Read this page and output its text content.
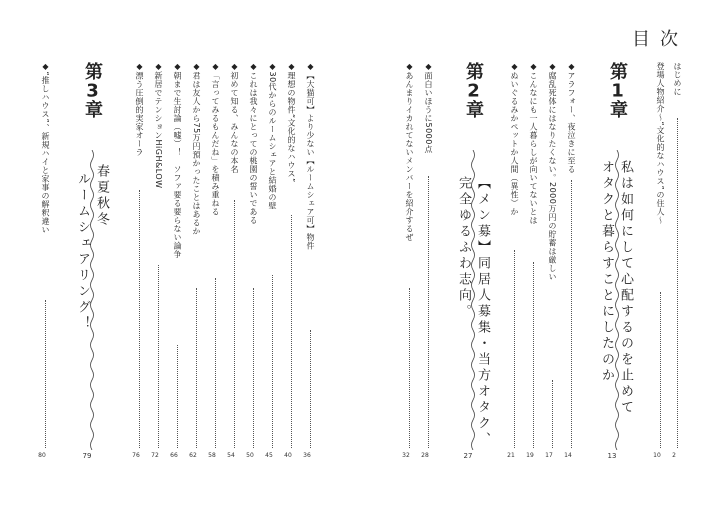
目次
はじめに
2
登場人物紹介〜“文化的なハウス”の住人〜
10
第1章
私は如何にして心配するのを止めて
オタクと暮らすことにしたのか
13
◆アラフォー、夜泣きに至る
14
◆腐乱死体にはなりたくない。2000万円の貯蓄は厳しい
17
◆こんなにも一人暮らしが向いてないとは
19
◆ぬいぐるみかペットか人間（異性）か
21
第2章
【メン募】同居人募集・当方オタク、
完全ゆるふわ志向。
27
◆面白いほうに5000点
28
◆あんまりイカれてないメンバーを紹介するぜ
32
◆【大猫可】より少ない【ルームシェア可】物件
36
◆理想の物件“文化的なハウス”
40
◆30代からのルームシェアと結婚の壁
45
◆これは我々にとっての桃園の誓いである
50
◆初めて知る、みんなの本名
54
◆「言ってみるもんだね」を積み重ねる
58
◆君は友人から75万円預かったことはあるか
62
◆朝まで生討論（嘘）！　ソファ要る要らない論争
66
◆新居でテンションHiGH&LOW
72
◆漂う圧倒的実家オーラ
76
第3章
春夏秋冬
ルームシェアリング！
79
◆“推しハウス”、新規ハイと家事の解釈違い
80
